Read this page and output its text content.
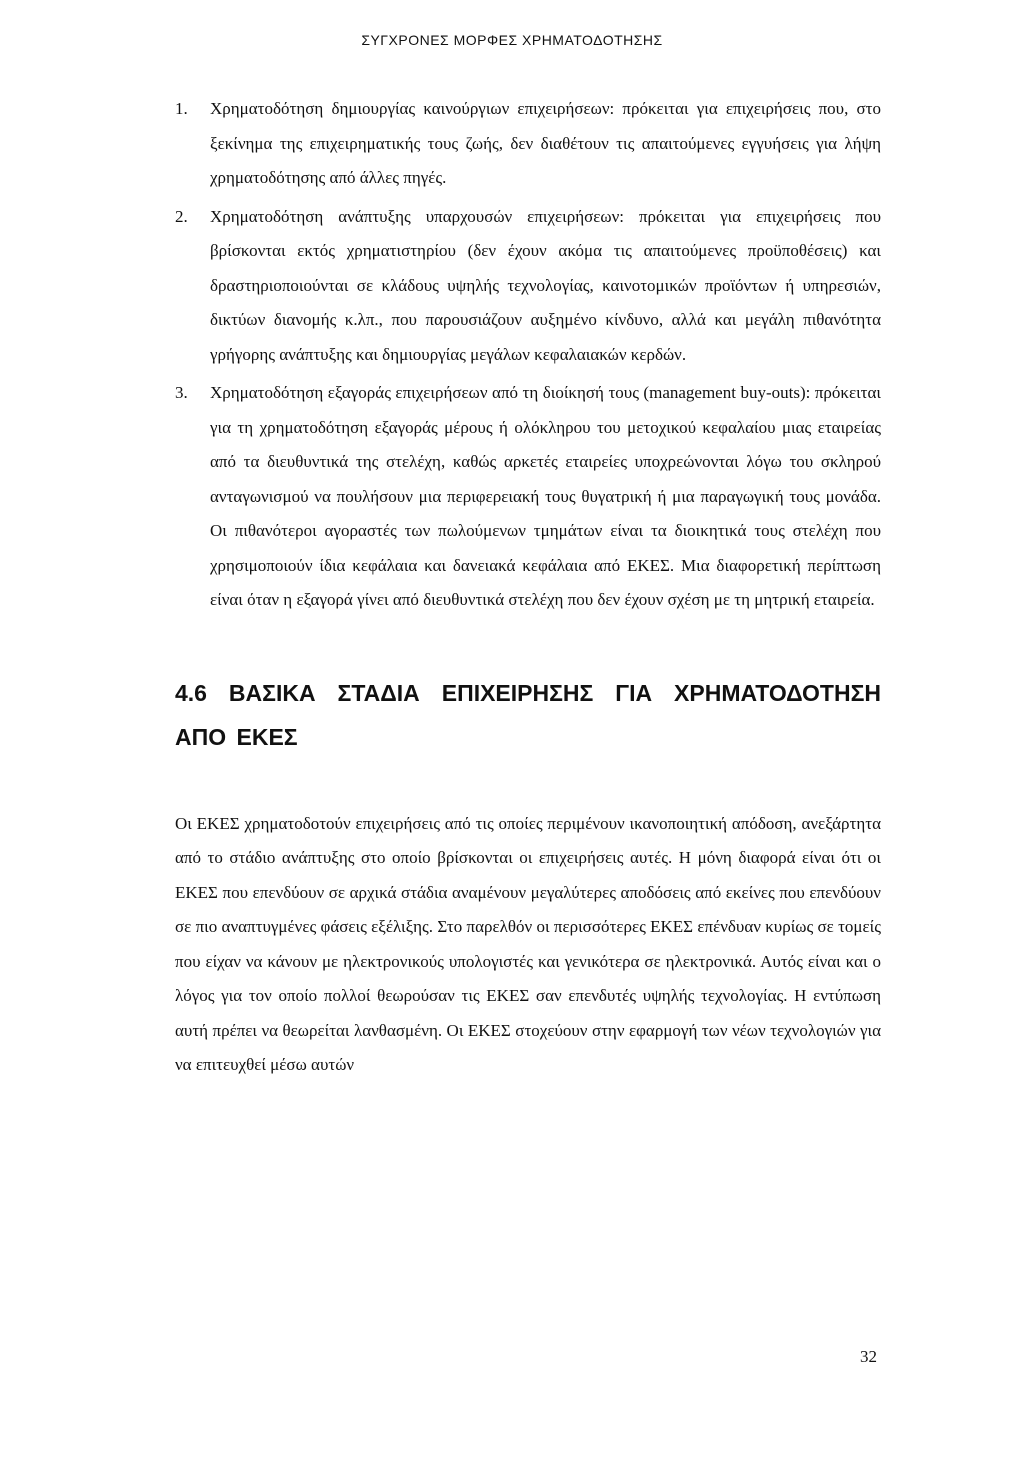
ΣΥΓΧΡΟΝΕΣ ΜΟΡΦΕΣ ΧΡΗΜΑΤΟΔΟΤΗΣΗΣ
1. Χρηματοδότηση δημιουργίας καινούργιων επιχειρήσεων: πρόκειται για επιχειρήσεις που, στο ξεκίνημα της επιχειρηματικής τους ζωής, δεν διαθέτουν τις απαιτούμενες εγγυήσεις για λήψη χρηματοδότησης από άλλες πηγές.
2. Χρηματοδότηση ανάπτυξης υπαρχουσών επιχειρήσεων: πρόκειται για επιχειρήσεις που βρίσκονται εκτός χρηματιστηρίου (δεν έχουν ακόμα τις απαιτούμενες προϋποθέσεις) και δραστηριοποιούνται σε κλάδους υψηλής τεχνολογίας, καινοτομικών προϊόντων ή υπηρεσιών, δικτύων διανομής κ.λπ., που παρουσιάζουν αυξημένο κίνδυνο, αλλά και μεγάλη πιθανότητα γρήγορης ανάπτυξης και δημιουργίας μεγάλων κεφαλαιακών κερδών.
3. Χρηματοδότηση εξαγοράς επιχειρήσεων από τη διοίκησή τους (management buy-outs): πρόκειται για τη χρηματοδότηση εξαγοράς μέρους ή ολόκληρου του μετοχικού κεφαλαίου μιας εταιρείας από τα διευθυντικά της στελέχη, καθώς αρκετές εταιρείες υποχρεώνονται λόγω του σκληρού ανταγωνισμού να πουλήσουν μια περιφερειακή τους θυγατρική ή μια παραγωγική τους μονάδα. Οι πιθανότεροι αγοραστές των πωλούμενων τμημάτων είναι τα διοικητικά τους στελέχη που χρησιμοποιούν ίδια κεφάλαια και δανειακά κεφάλαια από ΕΚΕΣ. Μια διαφορετική περίπτωση είναι όταν η εξαγορά γίνει από διευθυντικά στελέχη που δεν έχουν σχέση με τη μητρική εταιρεία.
4.6 ΒΑΣΙΚΑ ΣΤΑΔΙΑ ΕΠΙΧΕΙΡΗΣΗΣ ΓΙΑ ΧΡΗΜΑΤΟΔΟΤΗΣΗ ΑΠΟ ΕΚΕΣ

Οι ΕΚΕΣ χρηματοδοτούν επιχειρήσεις από τις οποίες περιμένουν ικανοποιητική απόδοση, ανεξάρτητα από το στάδιο ανάπτυξης στο οποίο βρίσκονται οι επιχειρήσεις αυτές. Η μόνη διαφορά είναι ότι οι ΕΚΕΣ που επενδύουν σε αρχικά στάδια αναμένουν μεγαλύτερες αποδόσεις από εκείνες που επενδύουν σε πιο αναπτυγμένες φάσεις εξέλιξης. Στο παρελθόν οι περισσότερες ΕΚΕΣ επένδυαν κυρίως σε τομείς που είχαν να κάνουν με ηλεκτρονικούς υπολογιστές και γενικότερα σε ηλεκτρονικά. Αυτός είναι και ο λόγος για τον οποίο πολλοί θεωρούσαν τις ΕΚΕΣ σαν επενδυτές υψηλής τεχνολογίας. Η εντύπωση αυτή πρέπει να θεωρείται λανθασμένη. Οι ΕΚΕΣ στοχεύουν στην εφαρμογή των νέων τεχνολογιών για να επιτευχθεί μέσω αυτών

32
